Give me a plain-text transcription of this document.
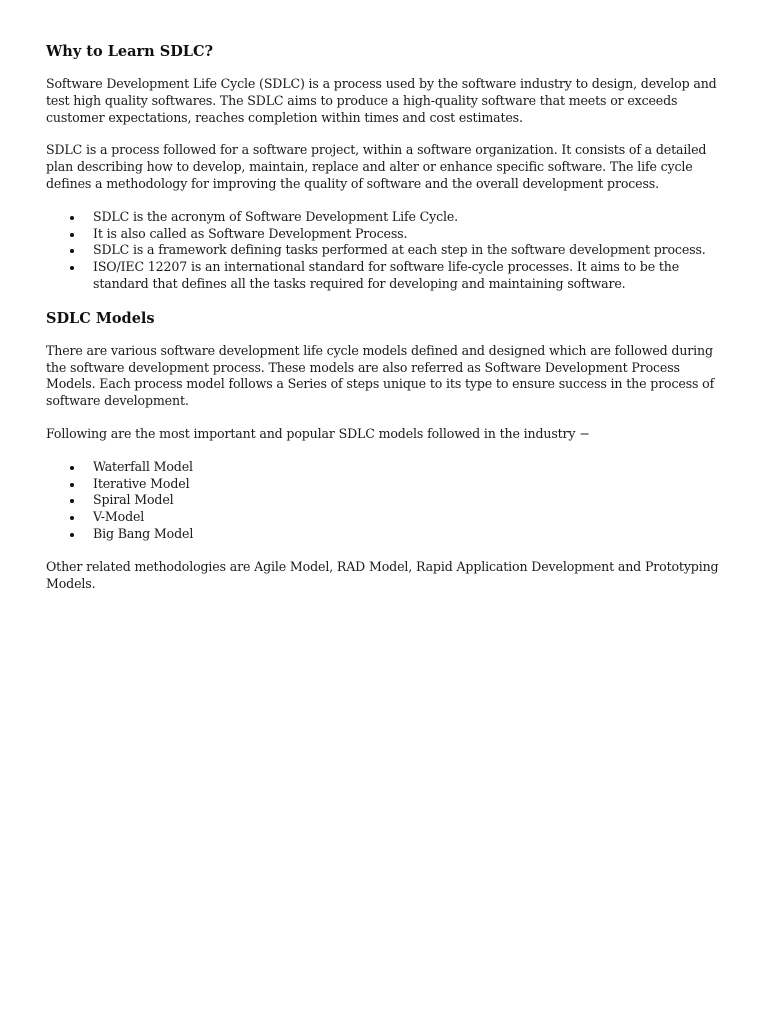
Why to Learn SDLC?

Software Development Life Cycle (SDLC) is a process used by the software industry to design, develop and test high quality softwares. The SDLC aims to produce a high-quality software that meets or exceeds customer expectations, reaches completion within times and cost estimates.

SDLC is a process followed for a software project, within a software organization. It consists of a detailed plan describing how to develop, maintain, replace and alter or enhance specific software. The life cycle defines a methodology for improving the quality of software and the overall development process.

SDLC is the acronym of Software Development Life Cycle.
It is also called as Software Development Process.
SDLC is a framework defining tasks performed at each step in the software development process.
ISO/IEC 12207 is an international standard for software life-cycle processes. It aims to be the standard that defines all the tasks required for developing and maintaining software.
SDLC Models

There are various software development life cycle models defined and designed which are followed during the software development process. These models are also referred as Software Development Process Models. Each process model follows a Series of steps unique to its type to ensure success in the process of software development.

Following are the most important and popular SDLC models followed in the industry −

Waterfall Model
Iterative Model
Spiral Model
V-Model
Big Bang Model

Other related methodologies are Agile Model, RAD Model, Rapid Application Development and Prototyping Models.
